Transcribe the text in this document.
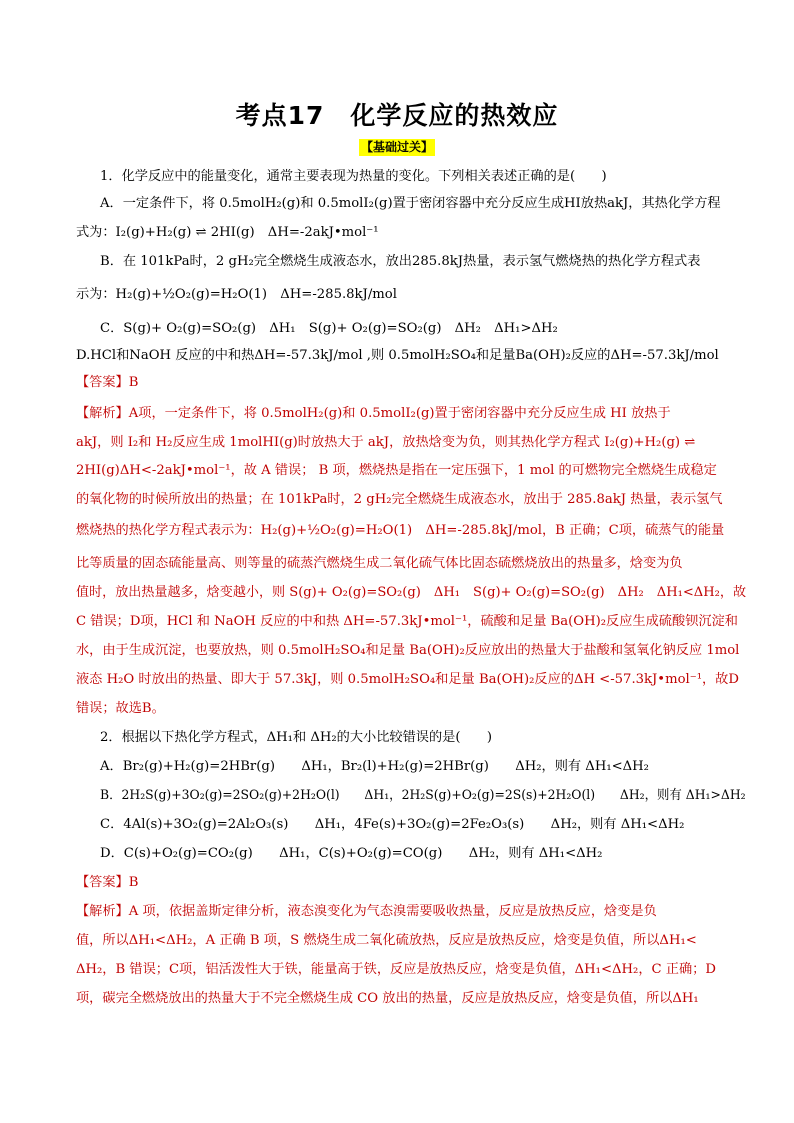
考点17　化学反应的热效应
【基础过关】
1．化学反应中的能量变化，通常主要表现为热量的变化。下列相关表述正确的是(　　)
A．一定条件下，将 0.5molH₂(g)和 0.5molI₂(g)置于密闭容器中充分反应生成HI放热akJ，其热化学方程
式为：I₂(g)+H₂(g) ⇌ 2HI(g)　ΔH=-2akJ•mol⁻¹
B．在 101kPa时，2 gH₂完全燃烧生成液态水，放出285.8kJ热量，表示氢气燃烧热的热化学方程式表
示为：H₂(g)+½O₂(g)=H₂O(1)　ΔH=-285.8kJ/mol
C．S(g)+ O₂(g)=SO₂(g)　ΔH₁　S(g)+ O₂(g)=SO₂(g)　ΔH₂　ΔH₁>ΔH₂
D.HCl和NaOH 反应的中和热ΔH=-57.3kJ/mol ,则 0.5molH₂SO₄和足量Ba(OH)₂反应的ΔH=-57.3kJ/mol
【答案】B
【解析】A项，一定条件下，将 0.5molH₂(g)和 0.5molI₂(g)置于密闭容器中充分反应生成 HI 放热于
akJ，则 I₂和 H₂反应生成 1molHI(g)时放热大于 akJ，放热焓变为负，则其热化学方程式 I₂(g)+H₂(g) ⇌
2HI(g)ΔH<-2akJ•mol⁻¹，故 A 错误； B 项，燃烧热是指在一定压强下，1 mol 的可燃物完全燃烧生成稳定
的氧化物的时候所放出的热量；在 101kPa时，2 gH₂完全燃烧生成液态水，放出于 285.8akJ 热量，表示氢气
燃烧热的热化学方程式表示为：H₂(g)+½O₂(g)=H₂O(1)　ΔH=-285.8kJ/mol，B 正确；C项，硫蒸气的能量
比等质量的固态硫能量高、则等量的硫蒸汽燃烧生成二氧化硫气体比固态硫燃烧放出的热量多，焓变为负
值时，放出热量越多，焓变越小，则 S(g)+ O₂(g)=SO₂(g)　ΔH₁　S(g)+ O₂(g)=SO₂(g)　ΔH₂　ΔH₁<ΔH₂，故
C 错误；D项，HCl 和 NaOH 反应的中和热 ΔH=-57.3kJ•mol⁻¹，硫酸和足量 Ba(OH)₂反应生成硫酸钡沉淀和
水，由于生成沉淀，也要放热，则 0.5molH₂SO₄和足量 Ba(OH)₂反应放出的热量大于盐酸和氢氧化钠反应 1mol
液态 H₂O 时放出的热量、即大于 57.3kJ，则 0.5molH₂SO₄和足量 Ba(OH)₂反应的ΔH <-57.3kJ•mol⁻¹，故D
错误；故选B。
2．根据以下热化学方程式，ΔH₁和 ΔH₂的大小比较错误的是(　　)
A．Br₂(g)+H₂(g)=2HBr(g)　　ΔH₁，Br₂(l)+H₂(g)=2HBr(g)　　ΔH₂，则有 ΔH₁<ΔH₂
B．2H₂S(g)+3O₂(g)=2SO₂(g)+2H₂O(l)　　ΔH₁，2H₂S(g)+O₂(g)=2S(s)+2H₂O(l)　　ΔH₂，则有 ΔH₁>ΔH₂
C．4Al(s)+3O₂(g)=2Al₂O₃(s)　　ΔH₁，4Fe(s)+3O₂(g)=2Fe₂O₃(s)　　ΔH₂，则有 ΔH₁<ΔH₂
D．C(s)+O₂(g)=CO₂(g)　　ΔH₁，C(s)+O₂(g)=CO(g)　　ΔH₂，则有 ΔH₁<ΔH₂
【答案】B
【解析】A 项，依据盖斯定律分析，液态溴变化为气态溴需要吸收热量，反应是放热反应，焓变是负
值，所以ΔH₁<ΔH₂，A 正确 B 项，S 燃烧生成二氧化硫放热，反应是放热反应，焓变是负值，所以ΔH₁<
ΔH₂，B 错误；C项，铝活泼性大于铁，能量高于铁，反应是放热反应，焓变是负值，ΔH₁<ΔH₂，C 正确；D
项，碳完全燃烧放出的热量大于不完全燃烧生成 CO 放出的热量，反应是放热反应，焓变是负值，所以ΔH₁
